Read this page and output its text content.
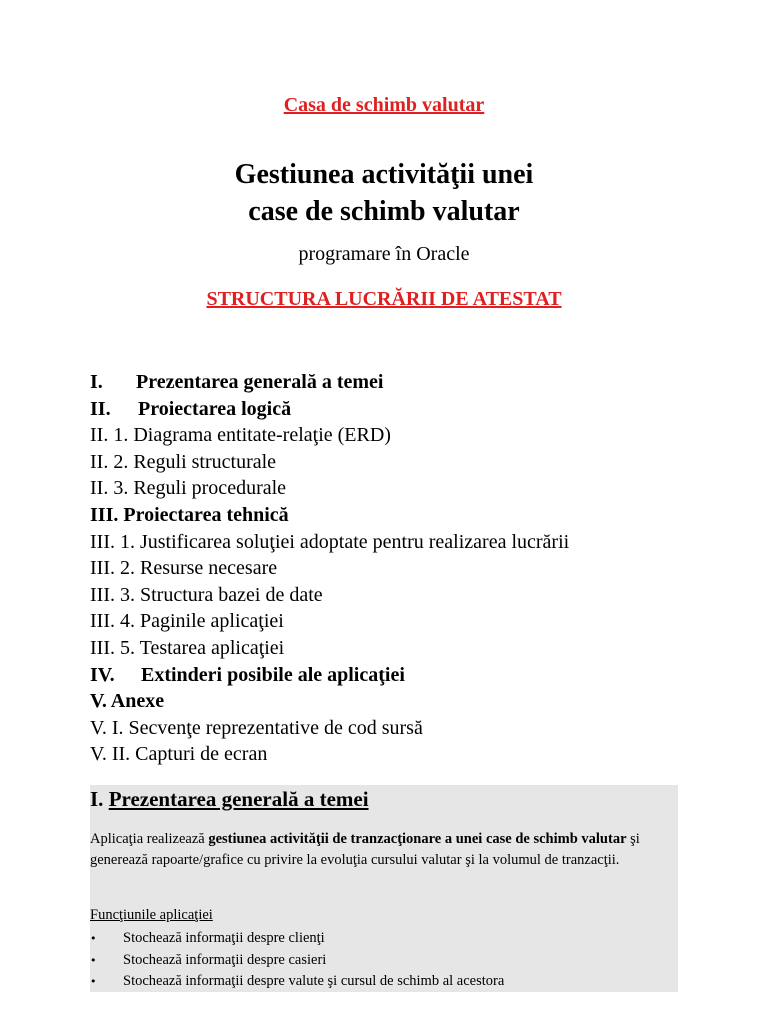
Casa de schimb valutar
Gestiunea activităţii unei
case de schimb valutar
programare în Oracle
STRUCTURA LUCRĂRII DE ATESTAT
I. Prezentarea generală a temei
II. Proiectarea logică
II. 1. Diagrama entitate-relaţie (ERD)
II. 2. Reguli structurale
II. 3. Reguli procedurale
III. Proiectarea tehnică
III. 1. Justificarea soluţiei adoptate pentru realizarea lucrării
III. 2. Resurse necesare
III. 3. Structura bazei de date
III. 4. Paginile aplicaţiei
III. 5. Testarea aplicaţiei
IV. Extinderi posibile ale aplicaţiei
V. Anexe
V. I. Secvenţe reprezentative de cod sursă
V. II. Capturi de ecran
I. Prezentarea generală a temei
Aplicaţia realizează gestiunea activităţii de tranzacţionare a unei case de schimb valutar şi generează rapoarte/grafice cu privire la evoluţia cursului valutar şi la volumul de tranzacţii.
Funcţiunile aplicaţiei
• Stochează informaţii despre clienţi
• Stochează informaţii despre casieri
• Stochează informaţii despre valute şi cursul de schimb al acestora
